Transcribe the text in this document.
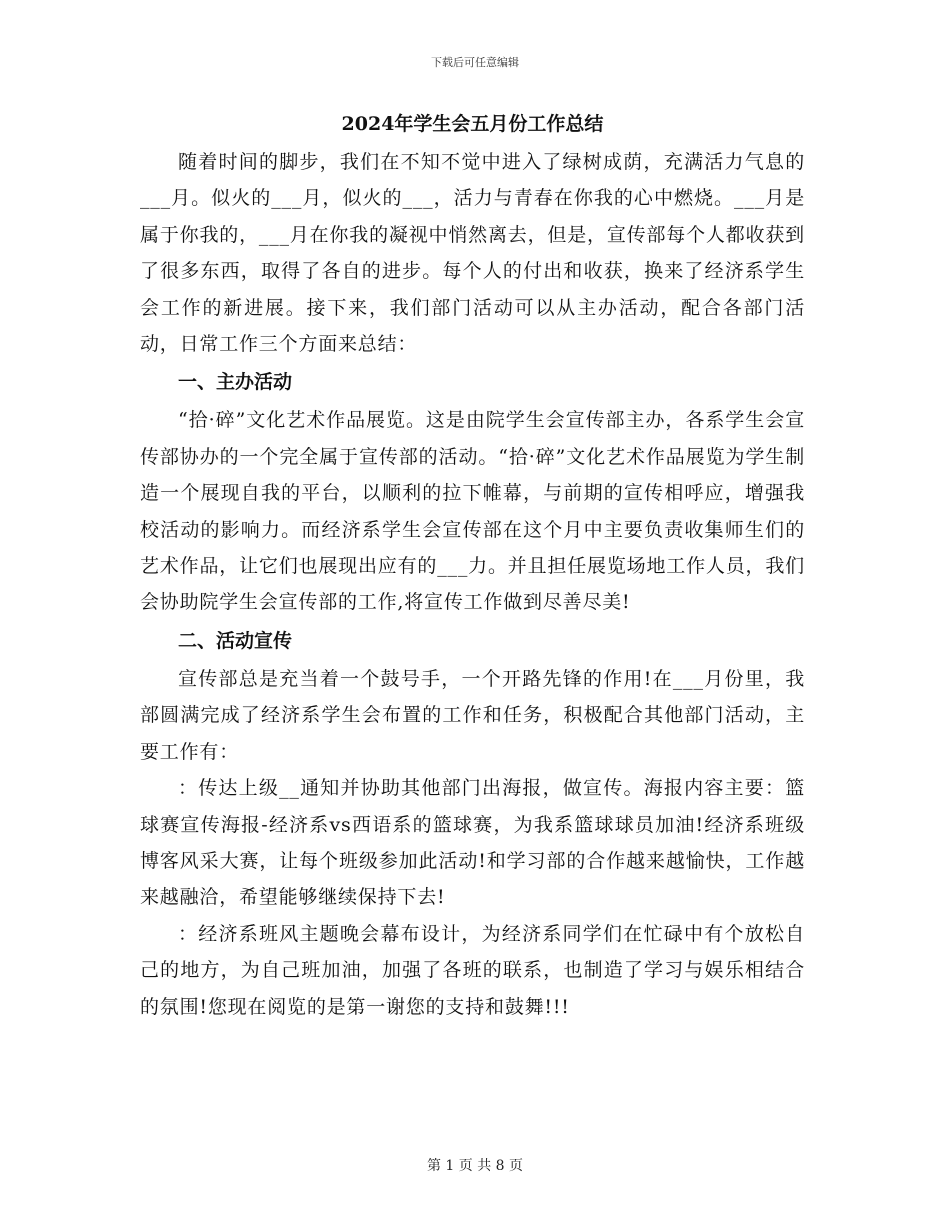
下载后可任意编辑
2024年学生会五月份工作总结

随着时间的脚步，我们在不知不觉中进入了绿树成荫，充满活力气息的___月。似火的___月，似火的___，活力与青春在你我的心中燃烧。___月是属于你我的，___月在你我的凝视中悄然离去，但是，宣传部每个人都收获到了很多东西，取得了各自的进步。每个人的付出和收获，换来了经济系学生会工作的新进展。接下来，我们部门活动可以从主办活动，配合各部门活动，日常工作三个方面来总结：

一、主办活动

“拾·碎”文化艺术作品展览。这是由院学生会宣传部主办，各系学生会宣传部协办的一个完全属于宣传部的活动。“拾·碎”文化艺术作品展览为学生制造一个展现自我的平台，以顺利的拉下帷幕，与前期的宣传相呼应，增强我校活动的影响力。而经济系学生会宣传部在这个月中主要负责收集师生们的艺术作品，让它们也展现出应有的___力。并且担任展览场地工作人员，我们会协助院学生会宣传部的工作,将宣传工作做到尽善尽美!

二、活动宣传

宣传部总是充当着一个鼓号手，一个开路先锋的作用!在___月份里，我部圆满完成了经济系学生会布置的工作和任务，积极配合其他部门活动，主要工作有：

：传达上级__通知并协助其他部门出海报，做宣传。海报内容主要：篮球赛宣传海报-经济系vs西语系的篮球赛，为我系篮球球员加油!经济系班级博客风采大赛，让每个班级参加此活动!和学习部的合作越来越愉快，工作越来越融洽，希望能够继续保持下去!

：经济系班风主题晚会幕布设计，为经济系同学们在忙碌中有个放松自己的地方，为自己班加油，加强了各班的联系，也制造了学习与娱乐相结合的氛围!您现在阅览的是第一谢您的支持和鼓舞!!!

第 1 页 共 8 页
